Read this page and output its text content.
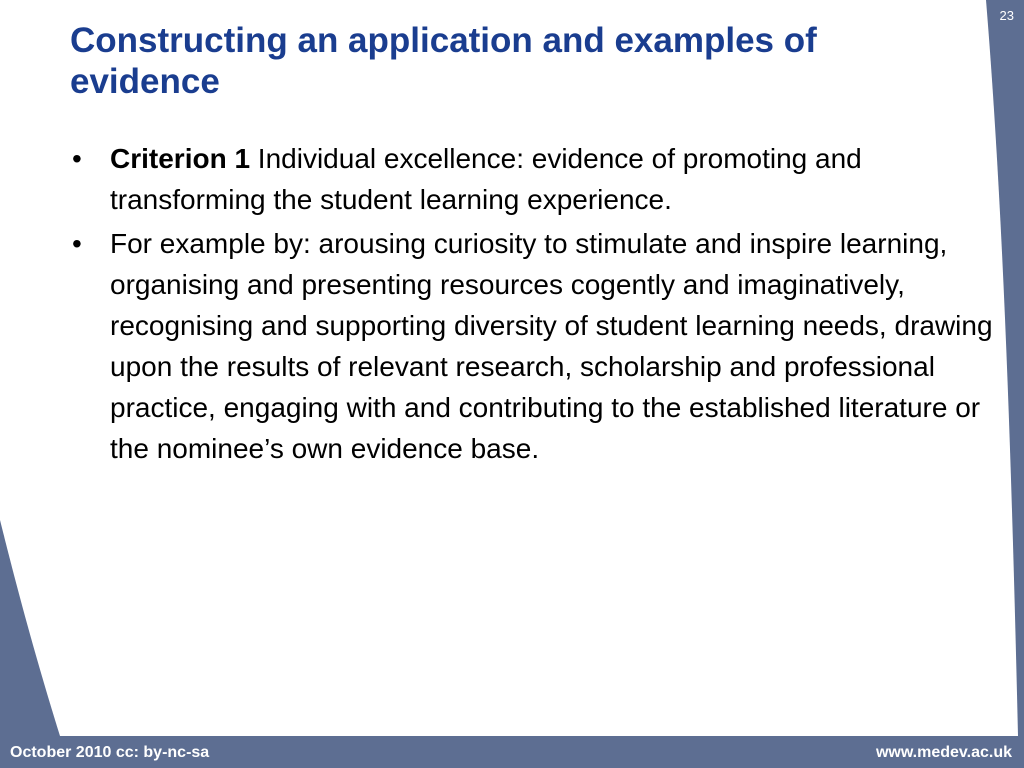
23
Constructing an application and examples of evidence
• Criterion 1 Individual excellence: evidence of promoting and transforming the student learning experience.
• For example by: arousing curiosity to stimulate and inspire learning, organising and presenting resources cogently and imaginatively, recognising and supporting diversity of student learning needs, drawing upon the results of relevant research, scholarship and professional practice, engaging with and contributing to the established literature or the nominee’s own evidence base.
October 2010 cc: by-nc-sa	www.medev.ac.uk
